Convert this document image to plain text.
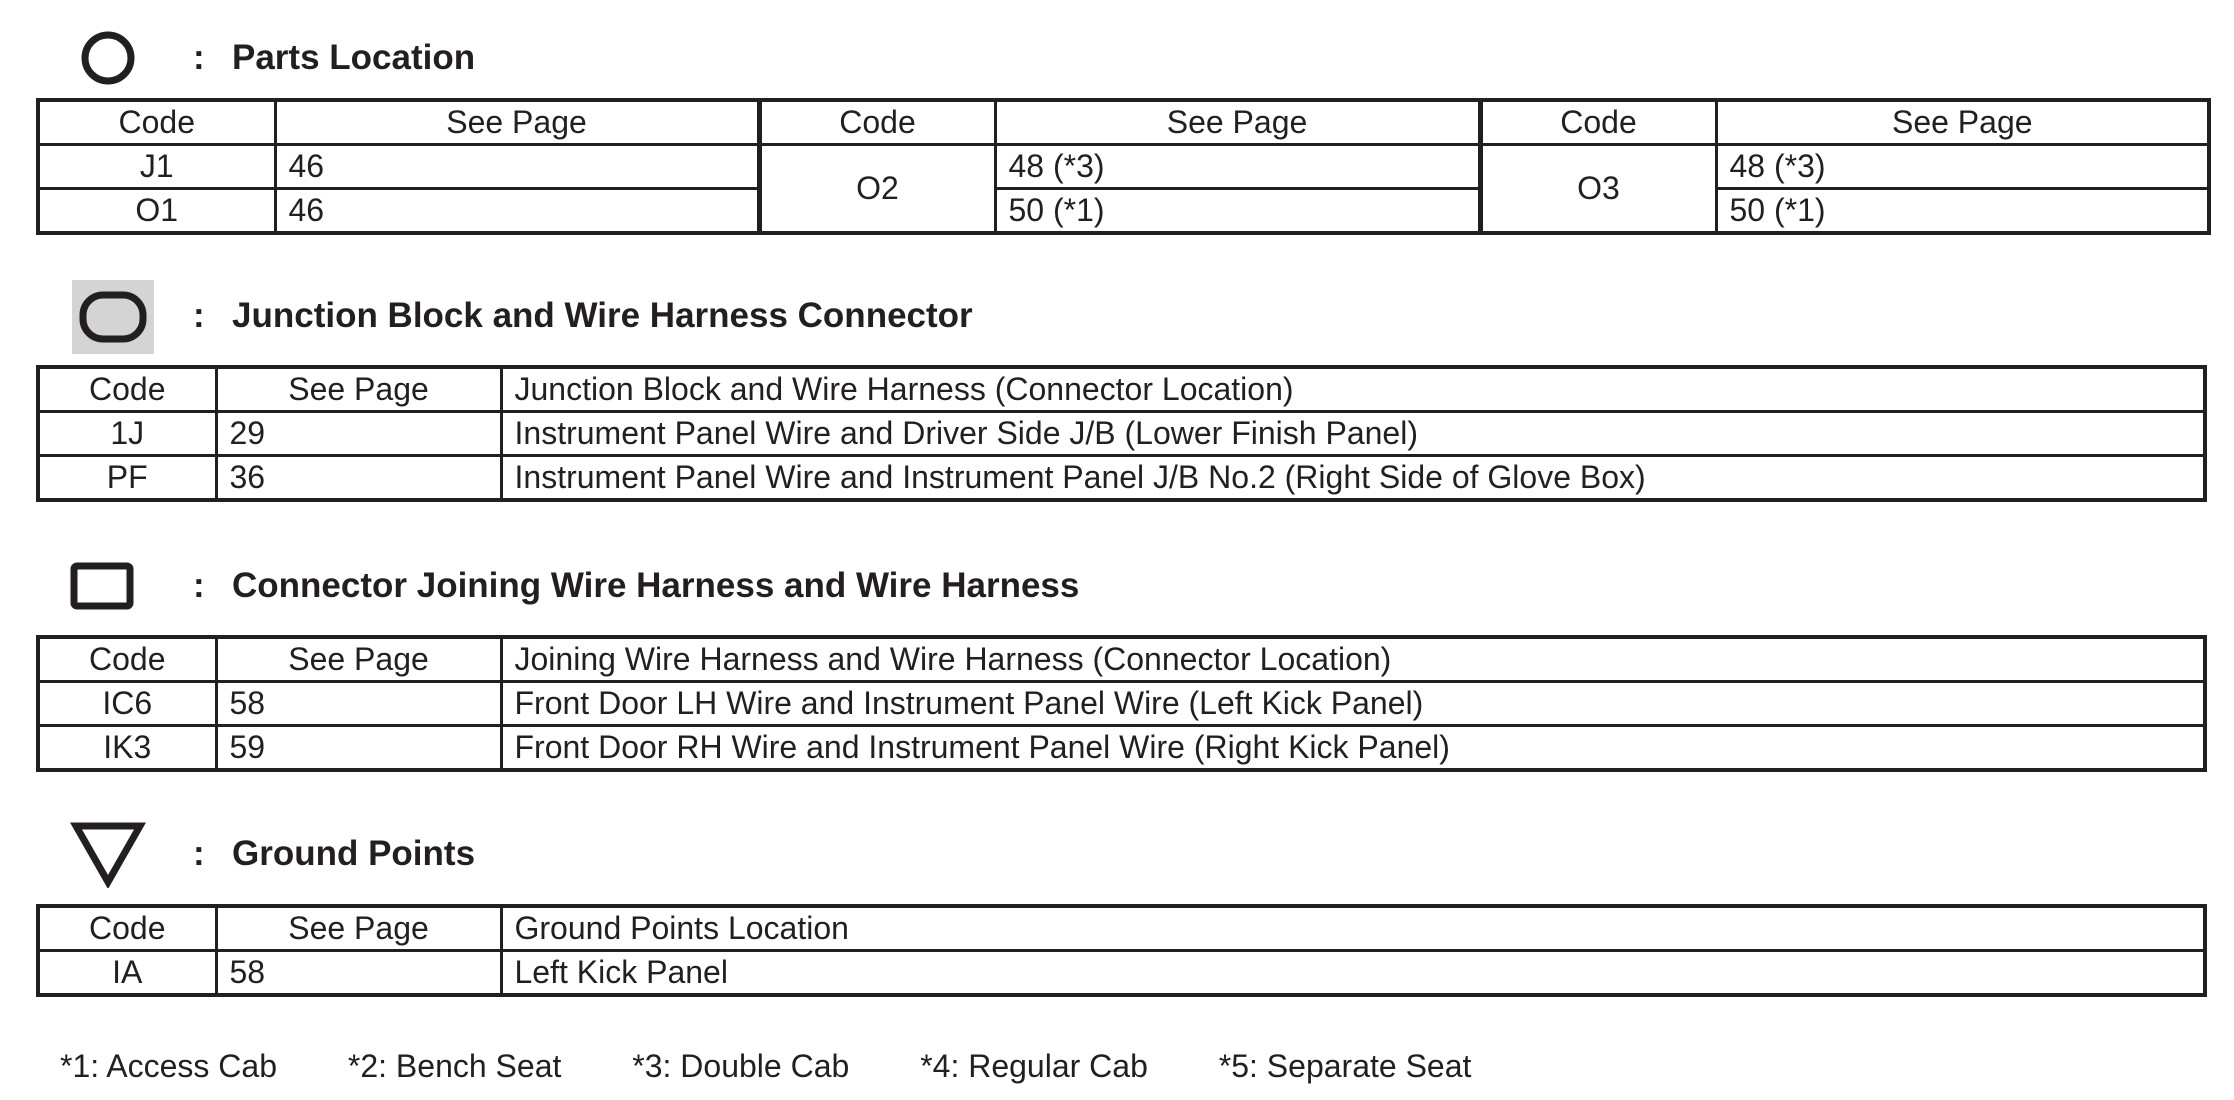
: Parts Location
Code	See Page	Code	See Page	Code	See Page
J1	46	O2	48 (*3)	O3	48 (*3)
O1	46		50 (*1)		50 (*1)
: Junction Block and Wire Harness Connector
Code	See Page	Junction Block and Wire Harness (Connector Location)
1J	29	Instrument Panel Wire and Driver Side J/B (Lower Finish Panel)
PF	36	Instrument Panel Wire and Instrument Panel J/B No.2 (Right Side of Glove Box)
: Connector Joining Wire Harness and Wire Harness
Code	See Page	Joining Wire Harness and Wire Harness (Connector Location)
IC6	58	Front Door LH Wire and Instrument Panel Wire (Left Kick Panel)
IK3	59	Front Door RH Wire and Instrument Panel Wire (Right Kick Panel)
: Ground Points
Code	See Page	Ground Points Location
IA	58	Left Kick Panel
*1: Access Cab *2: Bench Seat *3: Double Cab *4: Regular Cab *5: Separate Seat
